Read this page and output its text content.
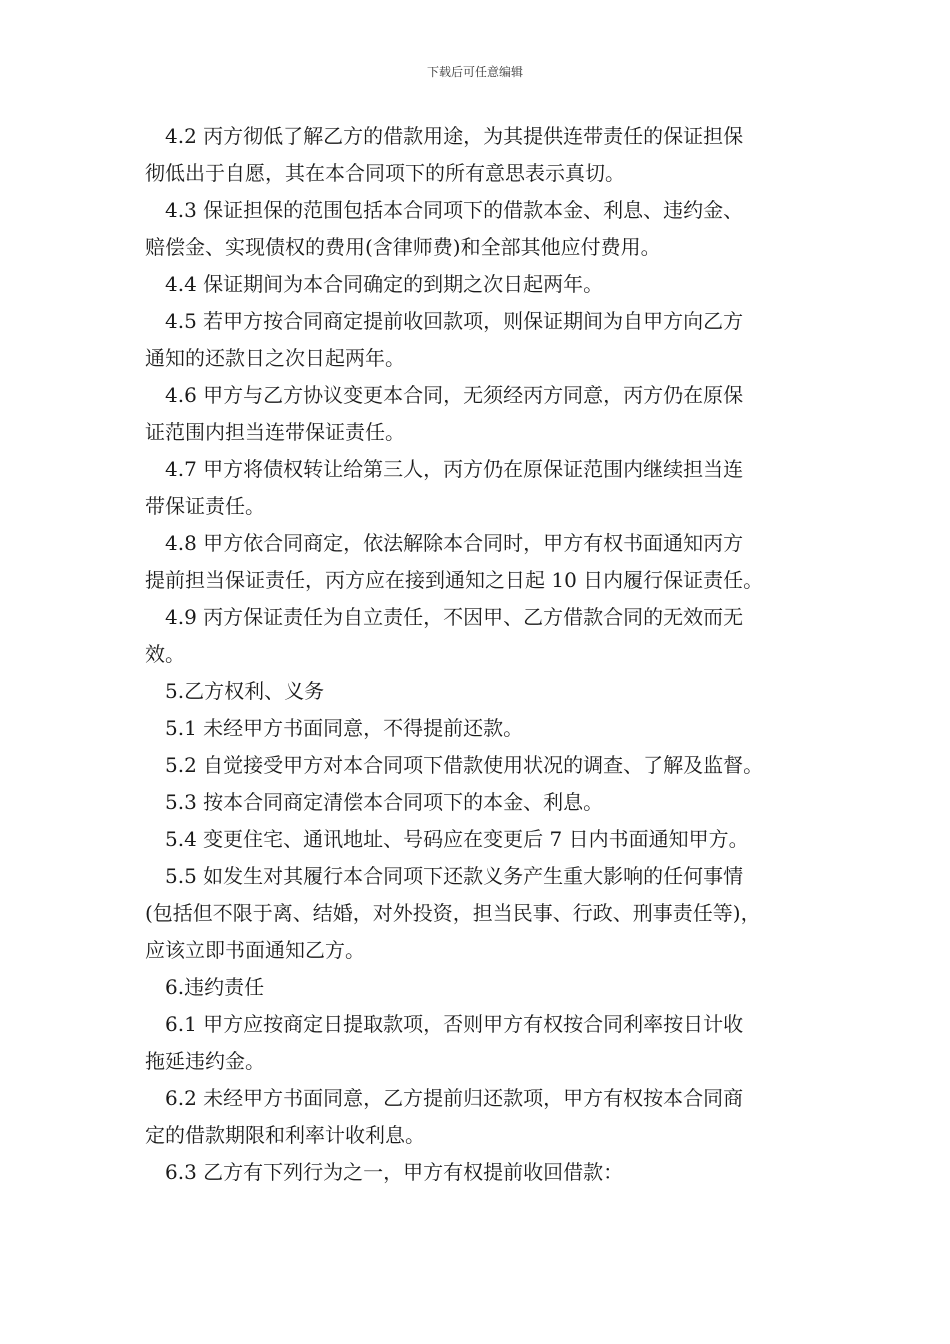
下载后可任意编辑

4.2 丙方彻低了解乙方的借款用途，为其提供连带责任的保证担保
彻低出于自愿，其在本合同项下的所有意思表示真切。

4.3 保证担保的范围包括本合同项下的借款本金、利息、违约金、
赔偿金、实现债权的费用(含律师费)和全部其他应付费用。

4.4 保证期间为本合同确定的到期之次日起两年。

4.5 若甲方按合同商定提前收回款项，则保证期间为自甲方向乙方
通知的还款日之次日起两年。

4.6 甲方与乙方协议变更本合同，无须经丙方同意，丙方仍在原保
证范围内担当连带保证责任。

4.7 甲方将债权转让给第三人，丙方仍在原保证范围内继续担当连
带保证责任。

4.8 甲方依合同商定，依法解除本合同时，甲方有权书面通知丙方
提前担当保证责任，丙方应在接到通知之日起 10 日内履行保证责任。

4.9 丙方保证责任为自立责任，不因甲、乙方借款合同的无效而无
效。

5.乙方权利、义务

5.1 未经甲方书面同意，不得提前还款。

5.2 自觉接受甲方对本合同项下借款使用状况的调查、了解及监督。

5.3 按本合同商定清偿本合同项下的本金、利息。

5.4 变更住宅、通讯地址、号码应在变更后 7 日内书面通知甲方。

5.5 如发生对其履行本合同项下还款义务产生重大影响的任何事情
(包括但不限于离、结婚，对外投资，担当民事、行政、刑事责任等)，
应该立即书面通知乙方。

6.违约责任

6.1 甲方应按商定日提取款项，否则甲方有权按合同利率按日计收
拖延违约金。

6.2 未经甲方书面同意，乙方提前归还款项，甲方有权按本合同商
定的借款期限和利率计收利息。

6.3 乙方有下列行为之一，甲方有权提前收回借款：
